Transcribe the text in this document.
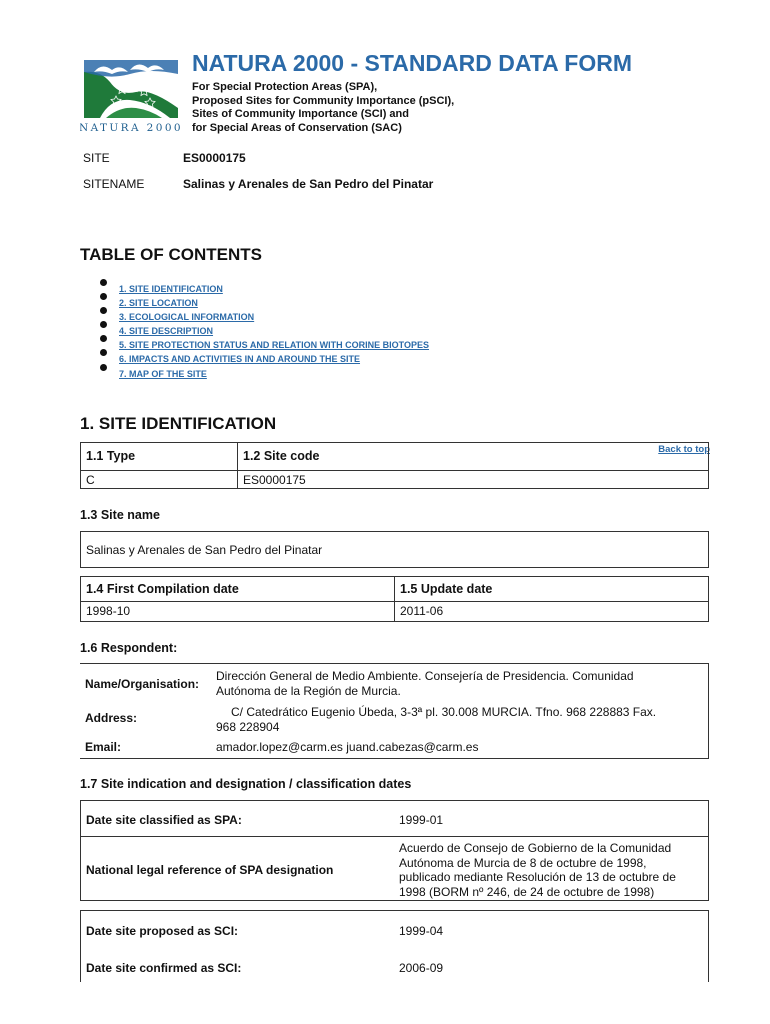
NATURA 2000
NATURA 2000 - STANDARD DATA FORM
For Special Protection Areas (SPA),
Proposed Sites for Community Importance (pSCI),
Sites of Community Importance (SCI) and
for Special Areas of Conservation (SAC)
SITE	ES0000175
SITENAME	Salinas y Arenales de San Pedro del Pinatar
TABLE OF CONTENTS
1. SITE IDENTIFICATION
2. SITE LOCATION
3. ECOLOGICAL INFORMATION
4. SITE DESCRIPTION
5. SITE PROTECTION STATUS AND RELATION WITH CORINE BIOTOPES
6. IMPACTS AND ACTIVITIES IN AND AROUND THE SITE
7. MAP OF THE SITE
1. SITE IDENTIFICATION
Back to top
1.1 Type	1.2 Site code
C	ES0000175
1.3 Site name
Salinas y Arenales de San Pedro del Pinatar
1.4 First Compilation date	1.5 Update date
1998-10	2011-06
1.6 Respondent:
Name/Organisation:
Dirección General de Medio Ambiente. Consejería de Presidencia. Comunidad
Autónoma de la Región de Murcia.
Address:	C/ Catedrático Eugenio Úbeda, 3-3ª pl. 30.008 MURCIA. Tfno. 968 228883 Fax.
968 228904
Email:	amador.lopez@carm.es juand.cabezas@carm.es
1.7 Site indication and designation / classification dates
Date site classified as SPA:	1999-01
National legal reference of SPA designation
Acuerdo de Consejo de Gobierno de la Comunidad
Autónoma de Murcia de 8 de octubre de 1998,
publicado mediante Resolución de 13 de octubre de
1998 (BORM nº 246, de 24 de octubre de 1998)
Date site proposed as SCI:	1999-04
Date site confirmed as SCI:	2006-09
